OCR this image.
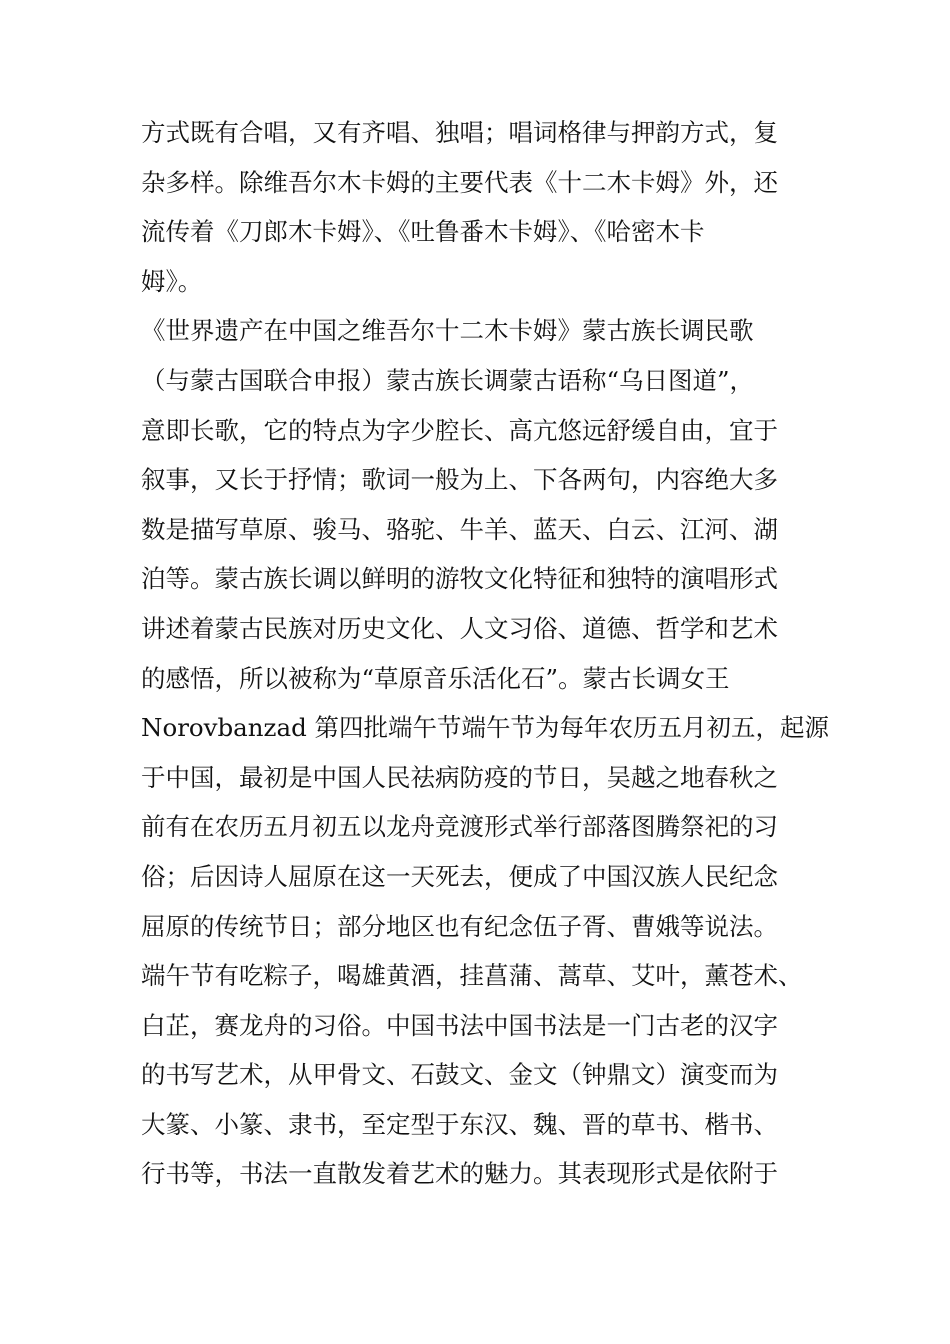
方式既有合唱，又有齐唱、独唱；唱词格律与押韵方式，复
杂多样。除维吾尔木卡姆的主要代表《十二木卡姆》外，还
流传着《刀郎木卡姆》、《吐鲁番木卡姆》、《哈密木卡
姆》。
《世界遗产在中国之维吾尔十二木卡姆》蒙古族长调民歌
（与蒙古国联合申报）蒙古族长调蒙古语称“乌日图道”，
意即长歌，它的特点为字少腔长、高亢悠远舒缓自由，宜于
叙事，又长于抒情；歌词一般为上、下各两句，内容绝大多
数是描写草原、骏马、骆驼、牛羊、蓝天、白云、江河、湖
泊等。蒙古族长调以鲜明的游牧文化特征和独特的演唱形式
讲述着蒙古民族对历史文化、人文习俗、道德、哲学和艺术
的感悟，所以被称为“草原音乐活化石”。蒙古长调女王
Norovbanzad 第四批端午节端午节为每年农历五月初五，起源
于中国，最初是中国人民祛病防疫的节日，吴越之地春秋之
前有在农历五月初五以龙舟竞渡形式举行部落图腾祭祀的习
俗；后因诗人屈原在这一天死去，便成了中国汉族人民纪念
屈原的传统节日；部分地区也有纪念伍子胥、曹娥等说法。
端午节有吃粽子，喝雄黄酒，挂菖蒲、蒿草、艾叶，薰苍术、
白芷，赛龙舟的习俗。中国书法中国书法是一门古老的汉字
的书写艺术，从甲骨文、石鼓文、金文（钟鼎文）演变而为
大篆、小篆、隶书，至定型于东汉、魏、晋的草书、楷书、
行书等，书法一直散发着艺术的魅力。其表现形式是依附于
